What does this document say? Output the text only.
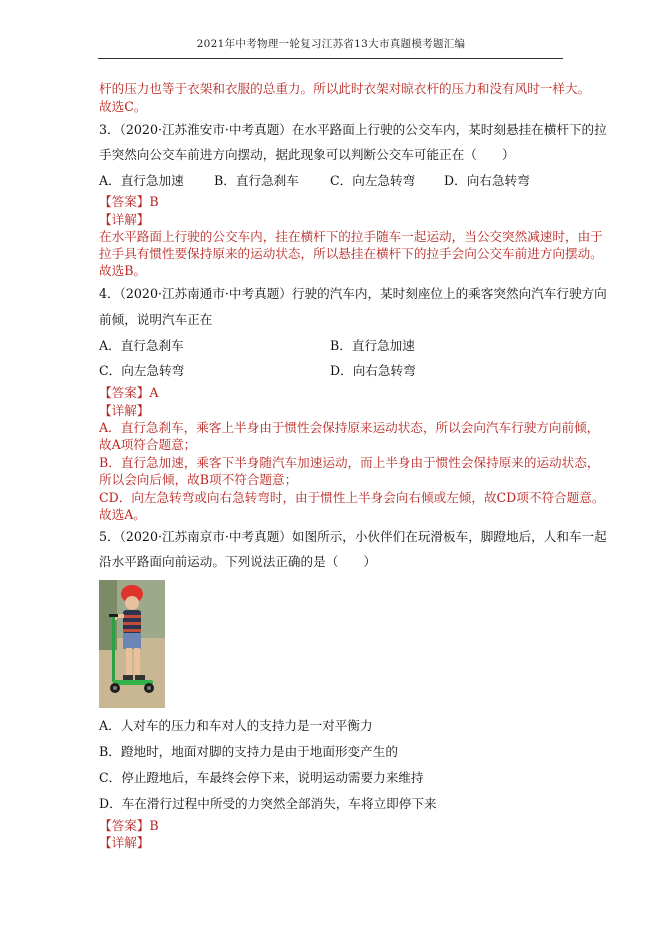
2021年中考物理一轮复习江苏省13大市真题模考题汇编
杆的压力也等于衣架和衣服的总重力。所以此时衣架对晾衣杆的压力和没有风时一样大。
故选C。
3．（2020·江苏淮安市·中考真题）在水平路面上行驶的公交车内，某时刻悬挂在横杆下的拉
手突然向公交车前进方向摆动，据此现象可以判断公交车可能正在（　　）
A．直行急加速 B．直行急刹车 C．向左急转弯 D．向右急转弯
【答案】B
【详解】
在水平路面上行驶的公交车内，挂在横杆下的拉手随车一起运动，当公交突然减速时，由于
拉手具有惯性要保持原来的运动状态，所以悬挂在横杆下的拉手会向公交车前进方向摆动。
故选B。
4．（2020·江苏南通市·中考真题）行驶的汽车内，某时刻座位上的乘客突然向汽车行驶方向
前倾，说明汽车正在
A．直行急刹车	B．直行急加速
C．向左急转弯	D．向右急转弯
【答案】A
【详解】
A．直行急刹车，乘客上半身由于惯性会保持原来运动状态，所以会向汽车行驶方向前倾，
故A项符合题意；
B．直行急加速，乘客下半身随汽车加速运动，而上半身由于惯性会保持原来的运动状态，
所以会向后倾，故B项不符合题意；
CD．向左急转弯或向右急转弯时，由于惯性上半身会向右倾或左倾，故CD项不符合题意。
故选A。
5．（2020·江苏南京市·中考真题）如图所示，小伙伴们在玩滑板车，脚蹬地后，人和车一起
沿水平路面向前运动。下列说法正确的是（　　）
A．人对车的压力和车对人的支持力是一对平衡力
B．蹬地时，地面对脚的支持力是由于地面形变产生的
C．停止蹬地后，车最终会停下来，说明运动需要力来维持
D．车在滑行过程中所受的力突然全部消失，车将立即停下来
【答案】B
【详解】
